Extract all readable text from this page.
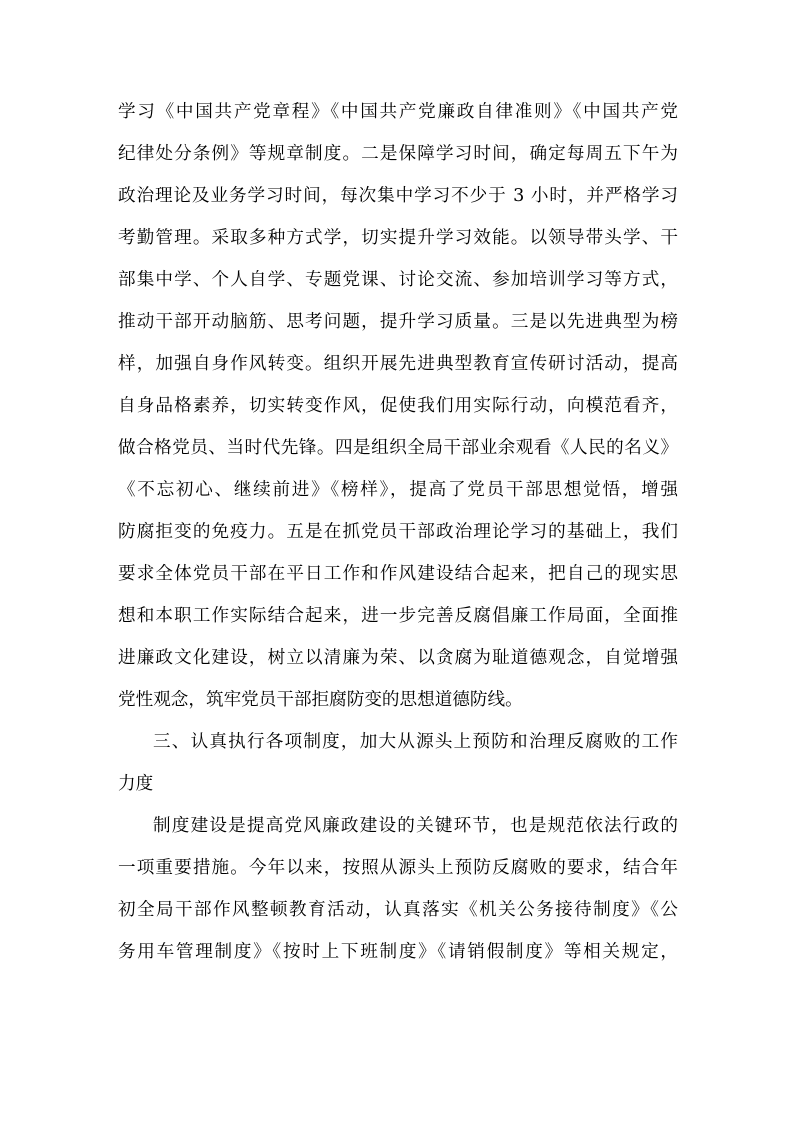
学习《中国共产党章程》《中国共产党廉政自律准则》《中国共产党
纪律处分条例》等规章制度。二是保障学习时间，确定每周五下午为
政治理论及业务学习时间，每次集中学习不少于 3 小时，并严格学习
考勤管理。采取多种方式学，切实提升学习效能。以领导带头学、干
部集中学、个人自学、专题党课、讨论交流、参加培训学习等方式，
推动干部开动脑筋、思考问题，提升学习质量。三是以先进典型为榜
样，加强自身作风转变。组织开展先进典型教育宣传研讨活动，提高
自身品格素养，切实转变作风，促使我们用实际行动，向模范看齐，
做合格党员、当时代先锋。四是组织全局干部业余观看《人民的名义》
《不忘初心、继续前进》《榜样》，提高了党员干部思想觉悟，增强
防腐拒变的免疫力。五是在抓党员干部政治理论学习的基础上，我们
要求全体党员干部在平日工作和作风建设结合起来，把自己的现实思
想和本职工作实际结合起来，进一步完善反腐倡廉工作局面，全面推
进廉政文化建设，树立以清廉为荣、以贪腐为耻道德观念，自觉增强
党性观念，筑牢党员干部拒腐防变的思想道德防线。
三、认真执行各项制度，加大从源头上预防和治理反腐败的工作
力度
制度建设是提高党风廉政建设的关键环节，也是规范依法行政的
一项重要措施。今年以来，按照从源头上预防反腐败的要求，结合年
初全局干部作风整顿教育活动，认真落实《机关公务接待制度》《公
务用车管理制度》《按时上下班制度》《请销假制度》等相关规定，
